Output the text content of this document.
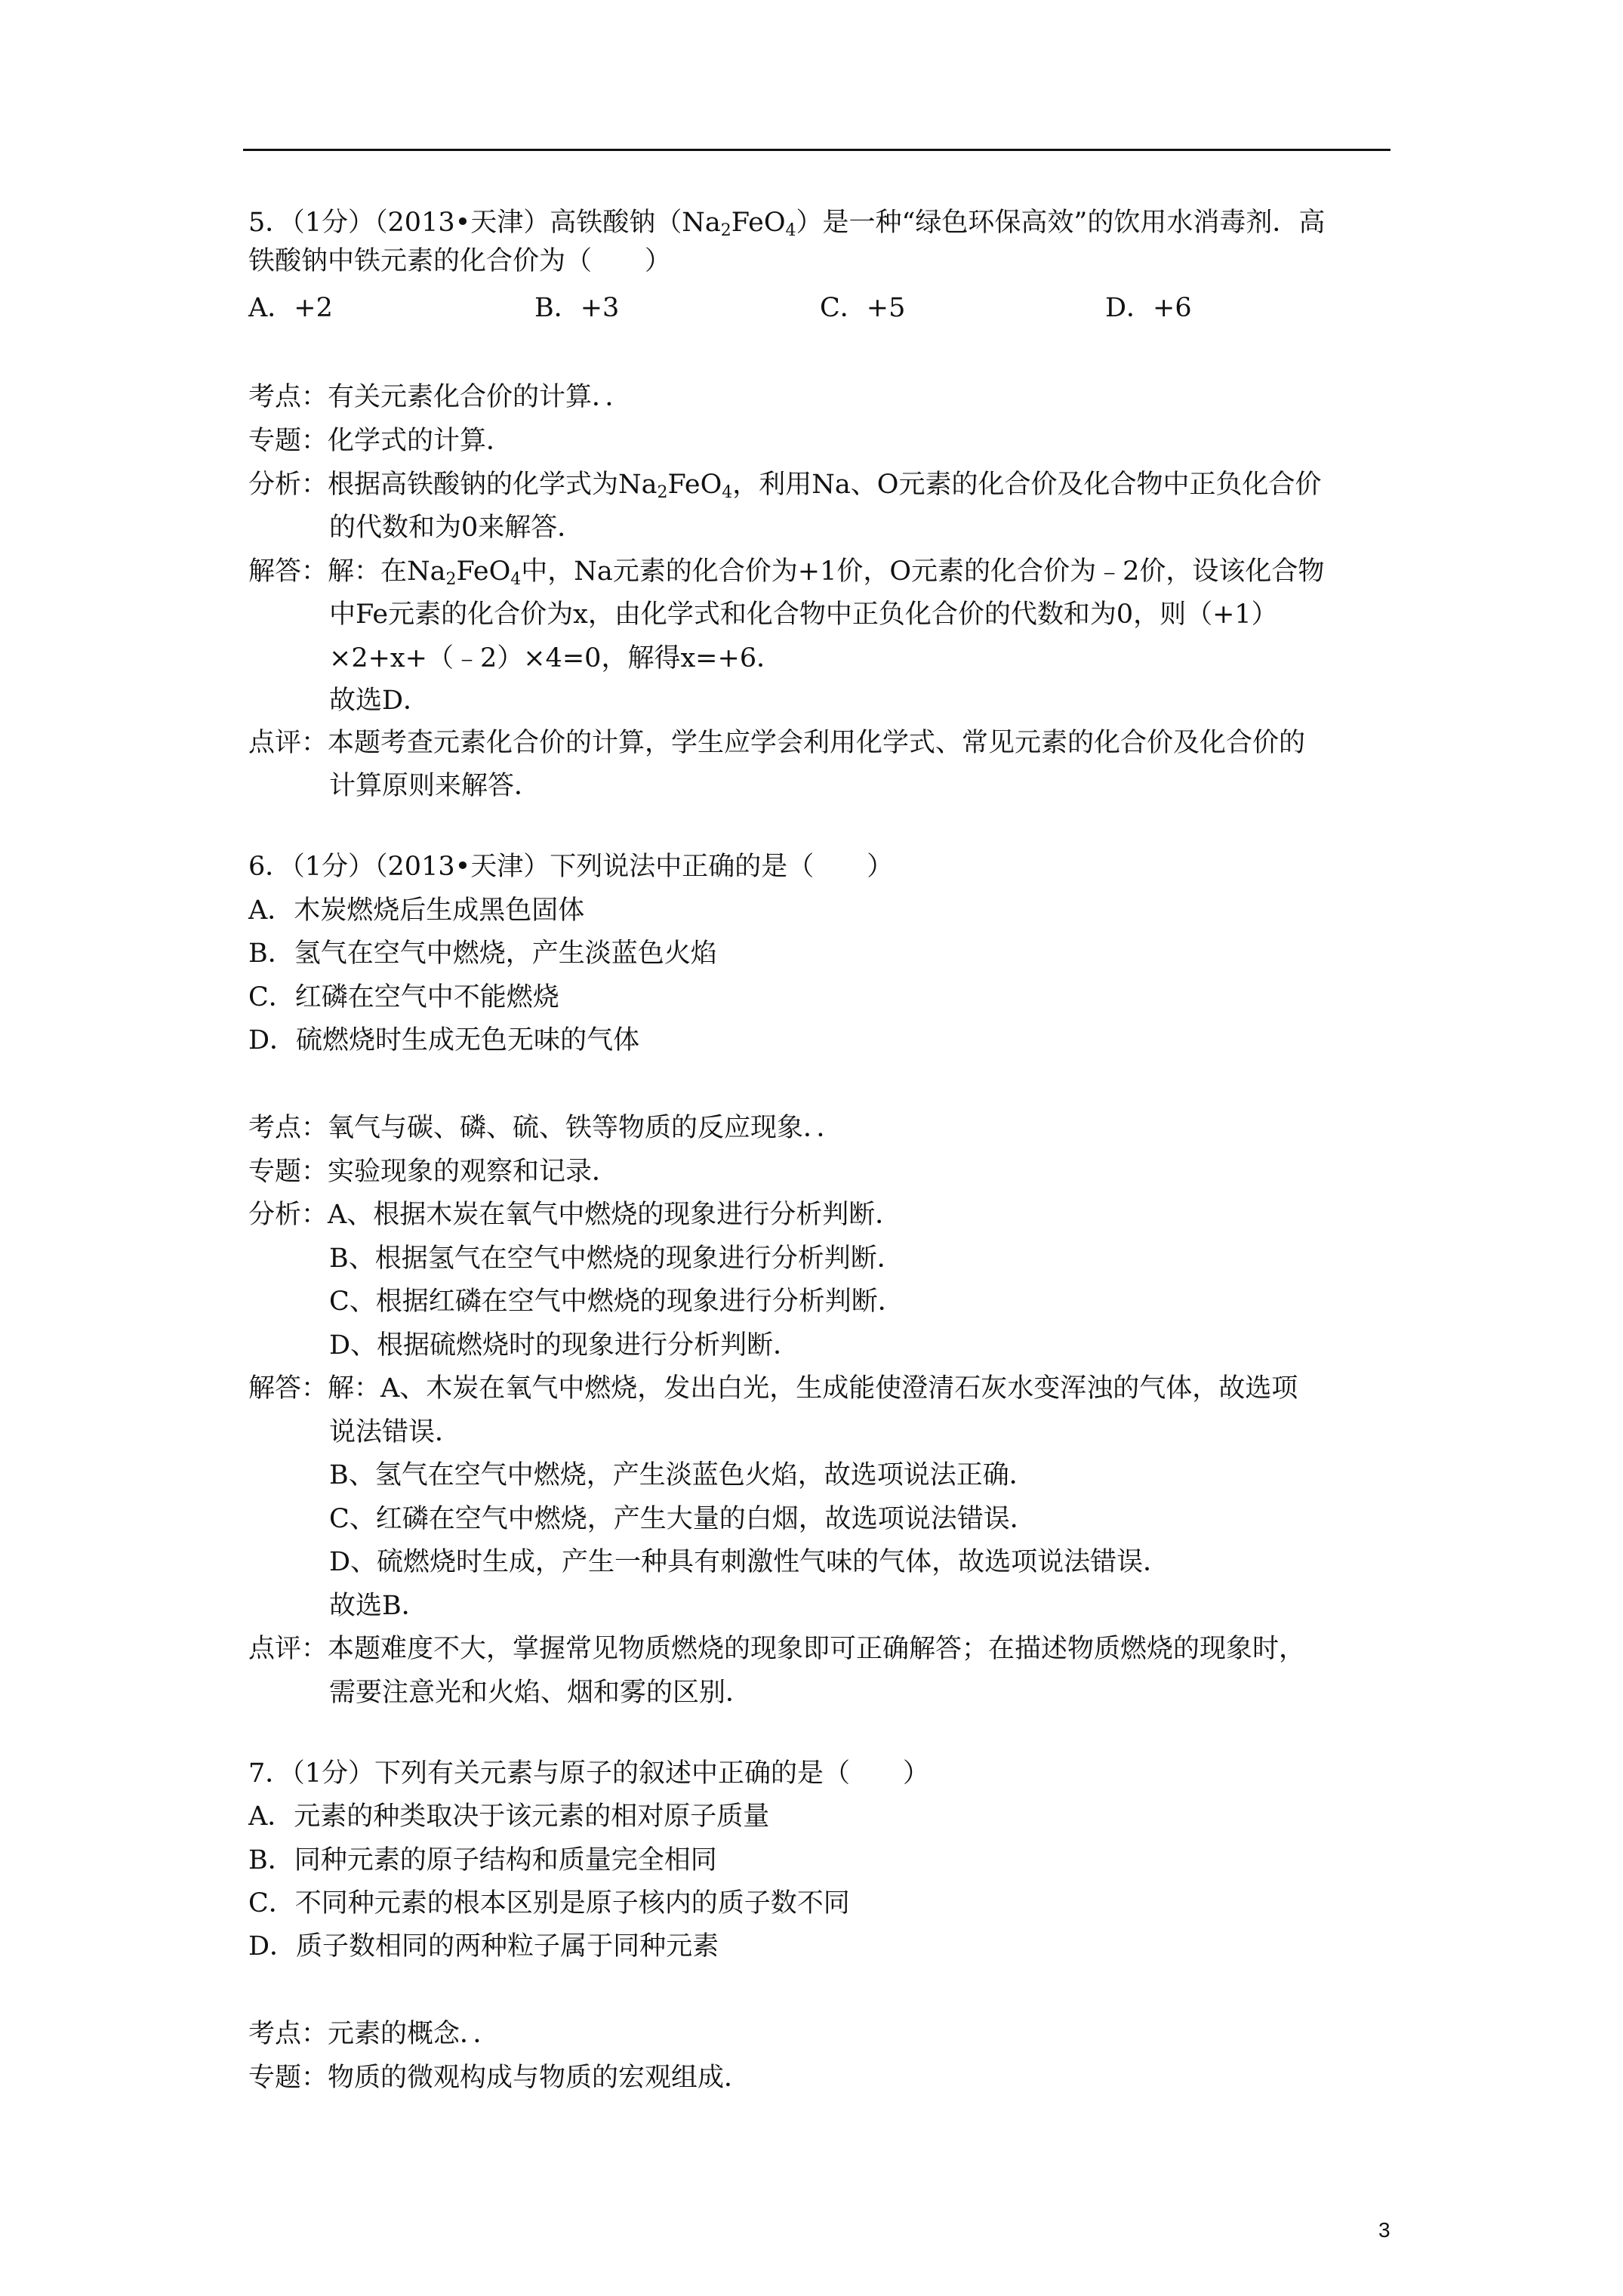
5．（1分）（2013•天津）高铁酸钠$(Na_2FeO_4)$是一种“绿色环保高效”的饮用水消毒剂．高
铁酸钠中铁元素的化合价为（　　）
A．+2	B．+3	C．+5	D．+6
考点：有关元素化合价的计算．．
专题：化学式的计算．
分析：根据高铁酸钠的化学式为$Na_2FeO_4$，利用Na、O元素的化合价及化合物中正负化合价
的代数和为0来解答．
解答：解：在$Na_2FeO_4$中，Na元素的化合价为+1价，O元素的化合价为﹣2价，设该化合物
中Fe元素的化合价为x，由化学式和化合物中正负化合价的代数和为0，则（+1）
×2+x+（﹣2）×4=0，解得x=+6．
故选D．
点评：本题考查元素化合价的计算，学生应学会利用化学式、常见元素的化合价及化合价的
计算原则来解答．
6．（1分）（2013•天津）下列说法中正确的是（　　）
A．木炭燃烧后生成黑色固体
B．氢气在空气中燃烧，产生淡蓝色火焰
C．红磷在空气中不能燃烧
D．硫燃烧时生成无色无味的气体
考点：氧气与碳、磷、硫、铁等物质的反应现象．．
专题：实验现象的观察和记录．
分析：A、根据木炭在氧气中燃烧的现象进行分析判断．
B、根据氢气在空气中燃烧的现象进行分析判断．
C、根据红磷在空气中燃烧的现象进行分析判断．
D、根据硫燃烧时的现象进行分析判断．
解答：解：A、木炭在氧气中燃烧，发出白光，生成能使澄清石灰水变浑浊的气体，故选项
说法错误．
B、氢气在空气中燃烧，产生淡蓝色火焰，故选项说法正确．
C、红磷在空气中燃烧，产生大量的白烟，故选项说法错误．
D、硫燃烧时生成，产生一种具有刺激性气味的气体，故选项说法错误．
故选B．
点评：本题难度不大，掌握常见物质燃烧的现象即可正确解答；在描述物质燃烧的现象时，
需要注意光和火焰、烟和雾的区别．
7．（1分）下列有关元素与原子的叙述中正确的是（　　）
A．元素的种类取决于该元素的相对原子质量
B．同种元素的原子结构和质量完全相同
C．不同种元素的根本区别是原子核内的质子数不同
D．质子数相同的两种粒子属于同种元素
考点：元素的概念．．
专题：物质的微观构成与物质的宏观组成．
3
